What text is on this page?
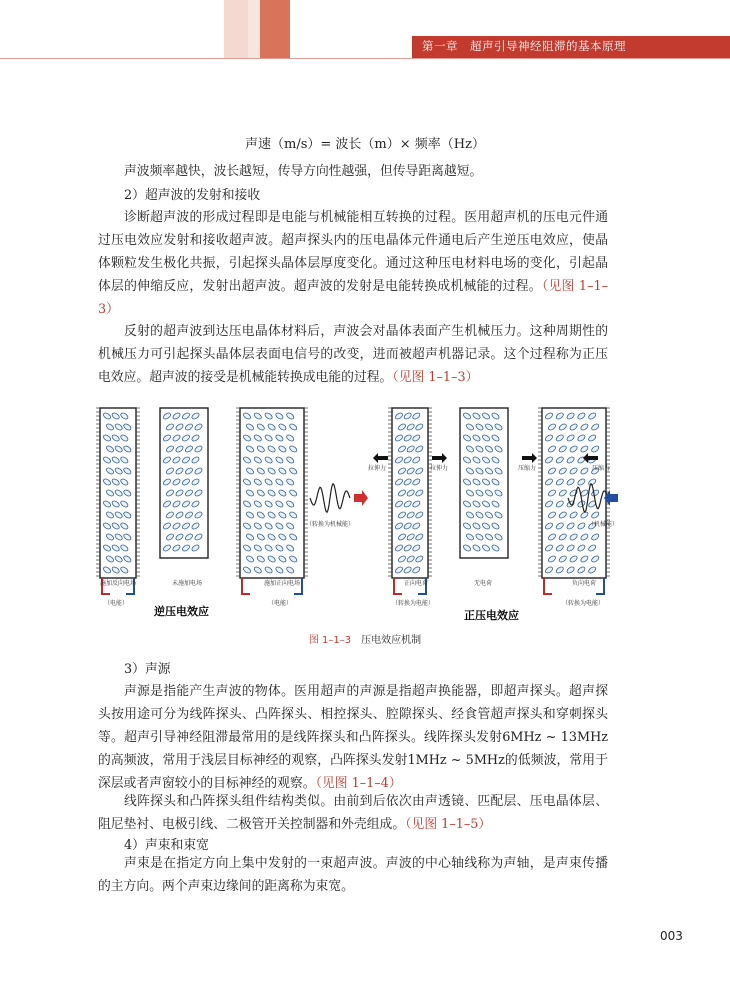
第一章　超声引导神经阻滞的基本原理
声速（m/s）= 波长（m）× 频率（Hz）

声波频率越快，波长越短，传导方向性越强，但传导距离越短。

2）超声波的发射和接收

诊断超声波的形成过程即是电能与机械能相互转换的过程。医用超声机的压电元件通过压电效应发射和接收超声波。超声探头内的压电晶体元件通电后产生逆压电效应，使晶体颗粒发生极化共振，引起探头晶体层厚度变化。通过这种压电材料电场的变化，引起晶体层的伸缩反应，发射出超声波。超声波的发射是电能转换成机械能的过程。（见图 1–1–3）

反射的超声波到达压电晶体材料后，声波会对晶体表面产生机械压力。这种周期性的机械压力可引起探头晶体层表面电信号的改变，进而被超声机器记录。这个过程称为正压电效应。超声波的接受是机械能转换成电能的过程。（见图 1–1–3）

施加反向电场	未施加电场	施加正向电场
（电能）	（电能）
（转换为机械能）
（转换为电能）	（转换为电能）
（机械能）
拉伸力	拉伸力	压缩力	压缩力
正向电荷	无电荷	负向电荷
逆压电效应	正压电效应
图 1–1–3 压电效应机制

3）声源

声源是指能产生声波的物体。医用超声的声源是指超声换能器，即超声探头。超声探头按用途可分为线阵探头、凸阵探头、相控探头、腔隙探头、经食管超声探头和穿刺探头等。超声引导神经阻滞最常用的是线阵探头和凸阵探头。线阵探头发射6MHz ~ 13MHz的高频波，常用于浅层目标神经的观察，凸阵探头发射1MHz ~ 5MHz的低频波，常用于深层或者声窗较小的目标神经的观察。（见图 1–1–4）

线阵探头和凸阵探头组件结构类似。由前到后依次由声透镜、匹配层、压电晶体层、阻尼垫衬、电极引线、二极管开关控制器和外壳组成。（见图 1–1–5）

4）声束和束宽

声束是在指定方向上集中发射的一束超声波。声波的中心轴线称为声轴，是声束传播的主方向。两个声束边缘间的距离称为束宽。

003
